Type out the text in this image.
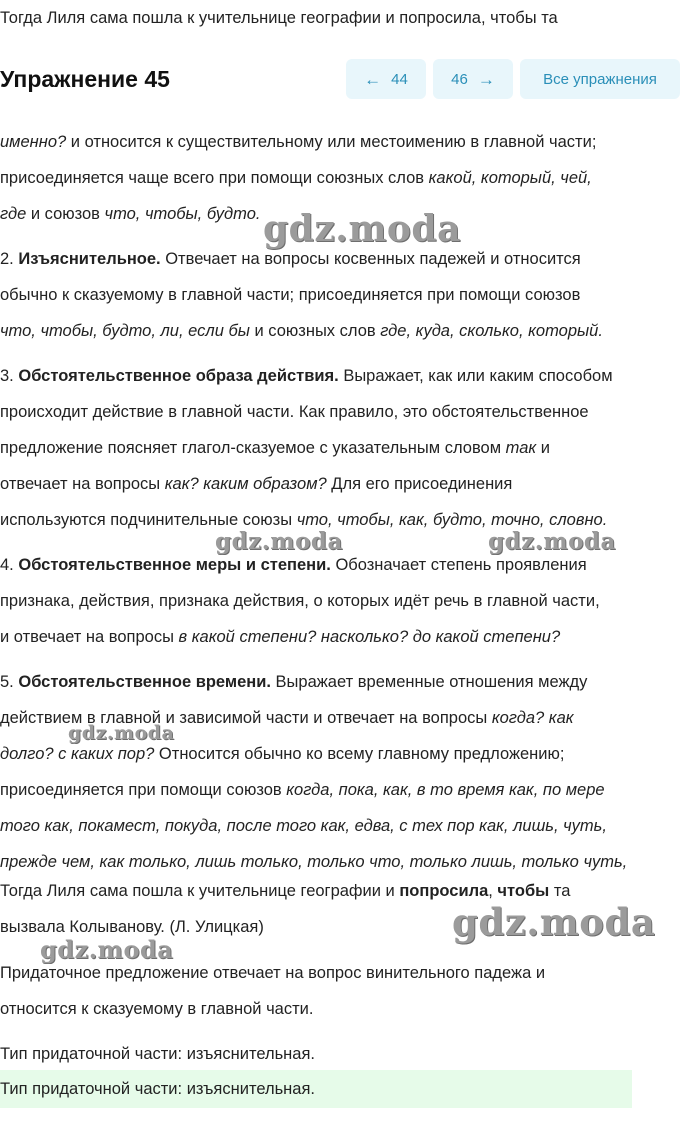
Тогда Лиля сама пошла к учительнице географии и попросила, чтобы та
Упражнение 45	← 44	46 →	Все упражнения
именно? и относится к существительному или местоимению в главной части;
присоединяется чаще всего при помощи союзных слов какой, который, чей,
где и союзов что, чтобы, будто.
2. Изъяснительное. Отвечает на вопросы косвенных падежей и относится
обычно к сказуемому в главной части; присоединяется при помощи союзов
что, чтобы, будто, ли, если бы и союзных слов где, куда, сколько, который.
3. Обстоятельственное образа действия. Выражает, как или каким способом
происходит действие в главной части. Как правило, это обстоятельственное
предложение поясняет глагол-сказуемое с указательным словом так и
отвечает на вопросы как? каким образом? Для его присоединения
используются подчинительные союзы что, чтобы, как, будто, точно, словно.
4. Обстоятельственное меры и степени. Обозначает степень проявления
признака, действия, признака действия, о которых идёт речь в главной части,
и отвечает на вопросы в какой степени? насколько? до какой степени?
5. Обстоятельственное времени. Выражает временные отношения между
действием в главной и зависимой части и отвечает на вопросы когда? как
долго? с каких пор? Относится обычно ко всему главному предложению;
присоединяется при помощи союзов когда, пока, как, в то время как, по мере
того как, покамест, покуда, после того как, едва, с тех пор как, лишь, чуть,
прежде чем, как только, лишь только, только что, только лишь, только чуть,
Тогда Лиля сама пошла к учительнице географии и попросила, чтобы та
вызвала Колыванову. (Л. Улицкая)
Придаточное предложение отвечает на вопрос винительного падежа и
относится к сказуемому в главной части.
Тип придаточной части: изъяснительная.
Тип придаточной части: изъяснительная.
gdz.moda
gdz.moda	gdz.moda
gdz.moda
gdz.moda
gdz.moda
